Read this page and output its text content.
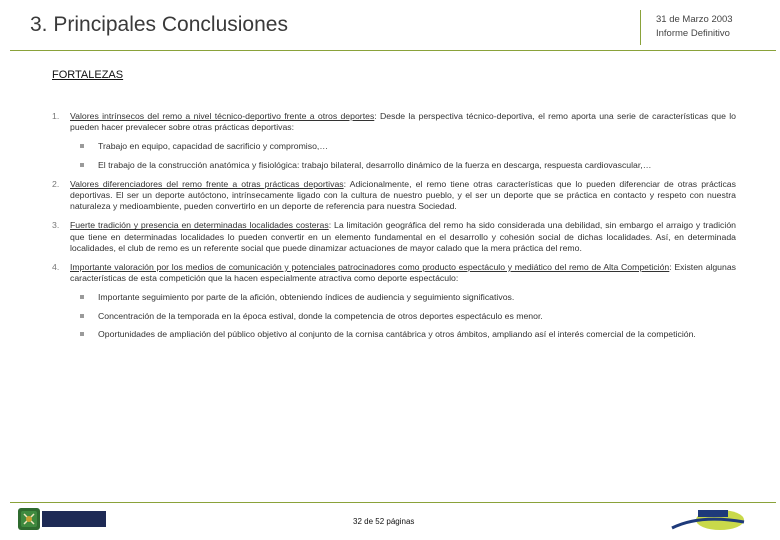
3. Principales Conclusiones	31 de Marzo 2003
Informe Definitivo
FORTALEZAS
1. Valores intrínsecos del remo a nivel técnico-deportivo frente a otros deportes: Desde la perspectiva técnico-deportiva, el remo aporta una serie de características que lo pueden hacer prevalecer sobre otras prácticas deportivas:
Trabajo en equipo, capacidad de sacrificio y compromiso,…
El trabajo de la construcción anatómica y fisiológica: trabajo bilateral, desarrollo dinámico de la fuerza en descarga, respuesta cardiovascular,…
2. Valores diferenciadores del remo frente a otras prácticas deportivas: Adicionalmente, el remo tiene otras características que lo pueden diferenciar de otras prácticas deportivas. El ser un deporte autóctono, intrínsecamente ligado con la cultura de nuestro pueblo, y el ser un deporte que se práctica en contacto y respeto con nuestra naturaleza y medioambiente, pueden convertirlo en un deporte de referencia para nuestra Sociedad.
3. Fuerte tradición y presencia en determinadas localidades costeras: La limitación geográfica del remo ha sido considerada una debilidad, sin embargo el arraigo y tradición que tiene en determinadas localidades lo pueden convertir en un elemento fundamental en el desarrollo y cohesión social de dichas localidades. Así, en determinada localidades, el club de remo es un referente social que puede dinamizar actuaciones de mayor calado que la mera práctica del remo.
4. Importante valoración por los medios de comunicación y potenciales patrocinadores como producto espectáculo y mediático del remo de Alta Competición: Existen algunas características de esta competición que la hacen especialmente atractiva como deporte espectáculo:
Importante seguimiento por parte de la afición, obteniendo índices de audiencia y seguimiento significativos.
Concentración de la temporada en la época estival, donde la competencia de otros deportes espectáculo es menor.
Oportunidades de ampliación del público objetivo al conjunto de la cornisa cantábrica y otros ámbitos, ampliando así el interés comercial de la competición.
32 de 52 páginas
